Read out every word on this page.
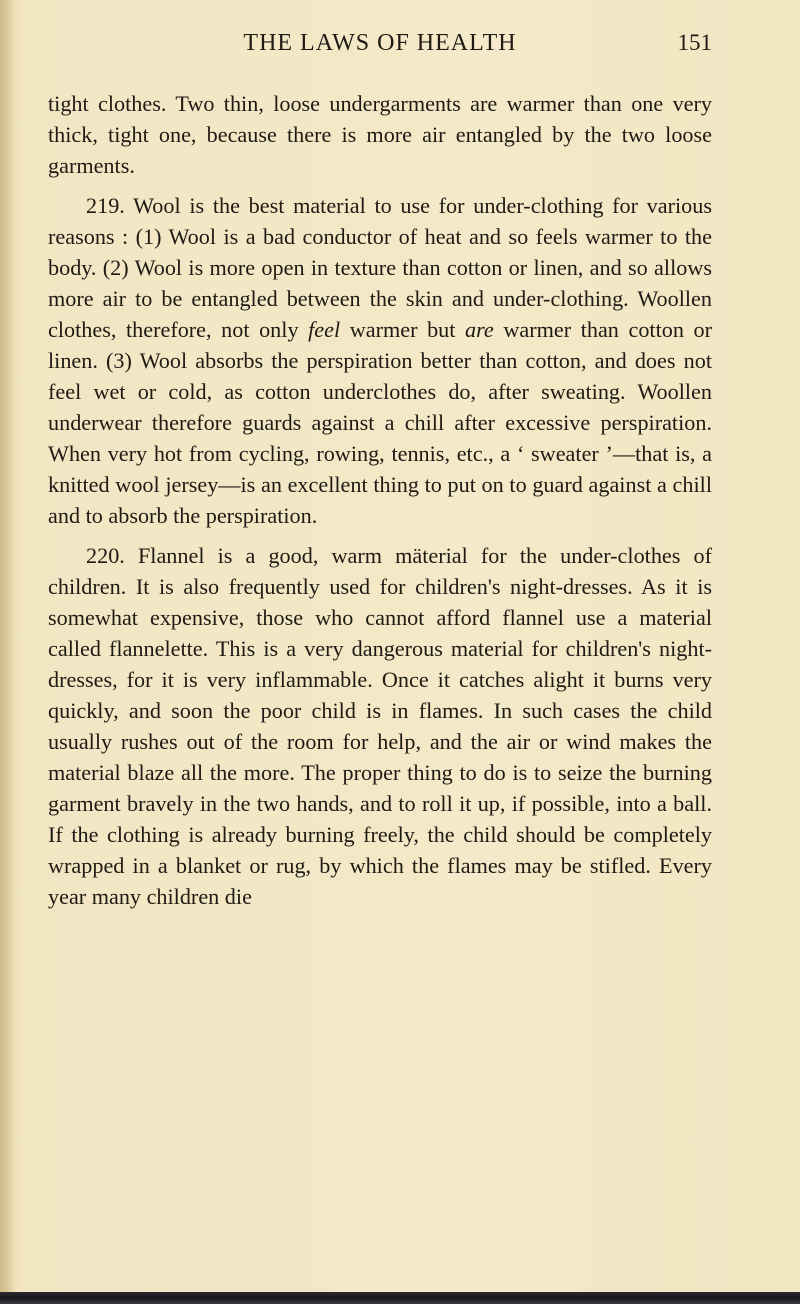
THE LAWS OF HEALTH	151

tight clothes. Two thin, loose undergarments are warmer than one very thick, tight one, because there is more air entangled by the two loose garments.

219. Wool is the best material to use for under-clothing for various reasons : (1) Wool is a bad conductor of heat and so feels warmer to the body. (2) Wool is more open in texture than cotton or linen, and so allows more air to be entangled between the skin and under-clothing. Woollen clothes, therefore, not only feel warmer but are warmer than cotton or linen. (3) Wool absorbs the perspiration better than cotton, and does not feel wet or cold, as cotton underclothes do, after sweating. Woollen underwear therefore guards against a chill after excessive perspiration. When very hot from cycling, rowing, tennis, etc., a ‘ sweater ’—that is, a knitted wool jersey—is an excellent thing to put on to guard against a chill and to absorb the perspiration.

220. Flannel is a good, warm mäterial for the under-clothes of children. It is also frequently used for children's night-dresses. As it is somewhat expensive, those who cannot afford flannel use a material called flannelette. This is a very dangerous material for children's night-dresses, for it is very inflammable. Once it catches alight it burns very quickly, and soon the poor child is in flames. In such cases the child usually rushes out of the room for help, and the air or wind makes the material blaze all the more. The proper thing to do is to seize the burning garment bravely in the two hands, and to roll it up, if possible, into a ball. If the clothing is already burning freely, the child should be completely wrapped in a blanket or rug, by which the flames may be stifled. Every year many children die
